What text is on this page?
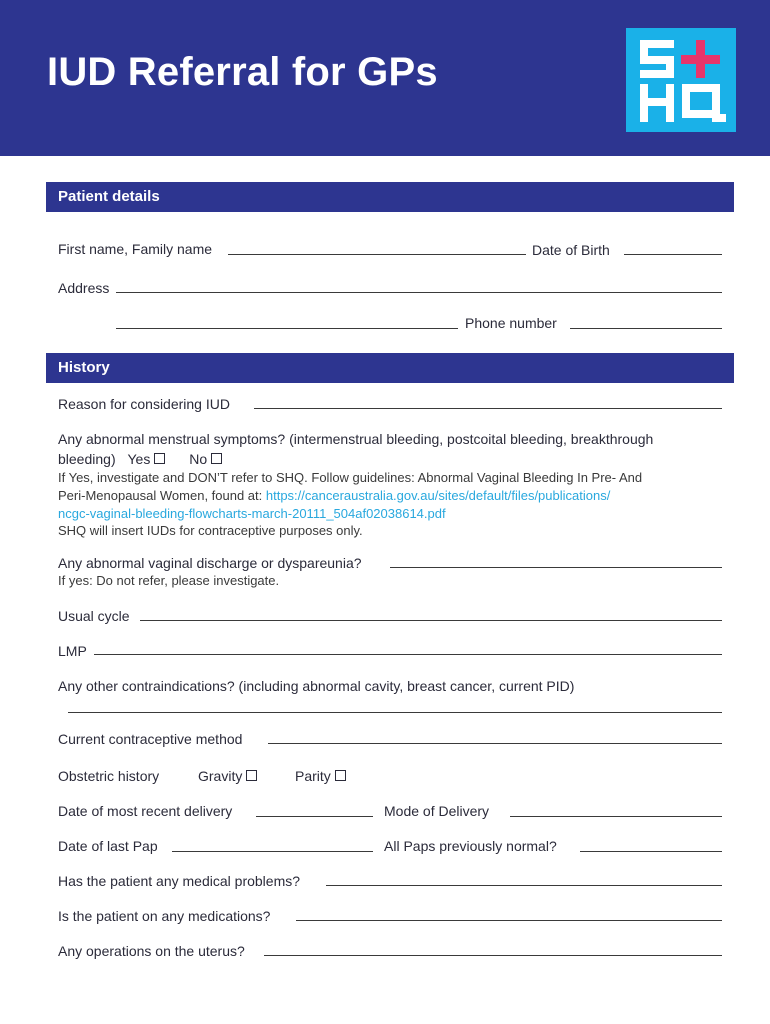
IUD Referral for GPs
Patient details
First name, Family name	Date of Birth
Address
Phone number
History
Reason for considering IUD
Any abnormal menstrual symptoms? (intermenstrual bleeding, postcoital bleeding, breakthrough
bleeding) Yes	No
If Yes, investigate and DON’T refer to SHQ. Follow guidelines: Abnormal Vaginal Bleeding In Pre- And
Peri-Menopausal Women, found at: https://canceraustralia.gov.au/sites/default/files/publications/
ncgc-vaginal-bleeding-flowcharts-march-20111_504af02038614.pdf
SHQ will insert IUDs for contraceptive purposes only.
Any abnormal vaginal discharge or dyspareunia?
If yes: Do not refer, please investigate.
Usual cycle
LMP
Any other contraindications? (including abnormal cavity, breast cancer, current PID)
Current contraceptive method
Obstetric history	Gravity	Parity
Date of most recent delivery	Mode of Delivery
Date of last Pap	All Paps previously normal?
Has the patient any medical problems?
Is the patient on any medications?
Any operations on the uterus?
